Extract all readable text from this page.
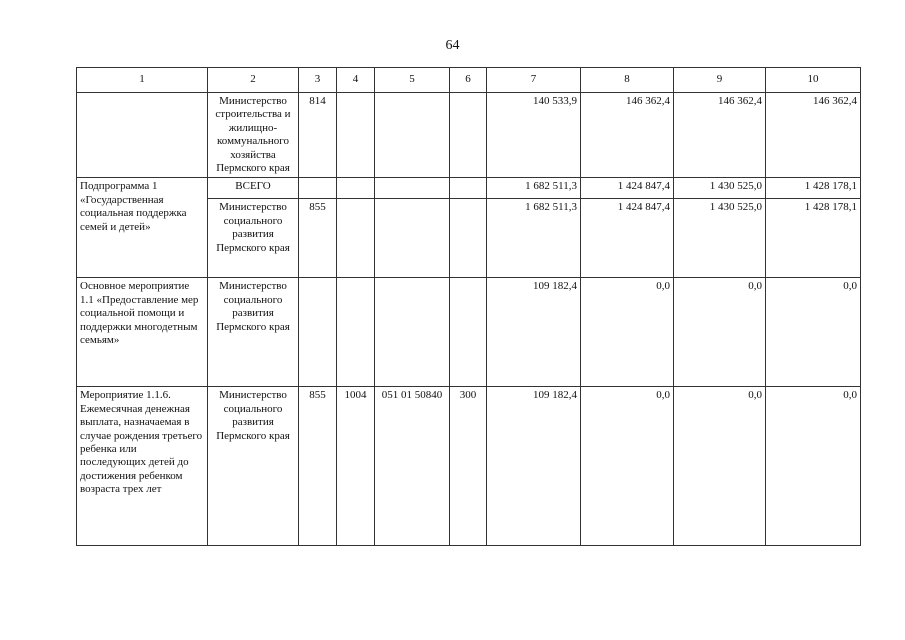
64
1	2	3	4	5	6	7	8	9	10
	Министерство строительства и жилищно-коммунального хозяйства Пермского края	814				140 533,9	146 362,4	146 362,4	146 362,4
Подпрограмма 1 «Государственная социальная поддержка семей и детей»	ВСЕГО					1 682 511,3	1 424 847,4	1 430 525,0	1 428 178,1
	Министерство социального развития Пермского края	855				1 682 511,3	1 424 847,4	1 430 525,0	1 428 178,1
Основное мероприятие 1.1 «Предоставление мер социальной помощи и поддержки многодетным семьям»	Министерство социального развития Пермского края					109 182,4	0,0	0,0	0,0
Мероприятие 1.1.6. Ежемесячная денежная выплата, назначаемая в случае рождения третьего ребенка или последующих детей до достижения ребенком возраста трех лет	Министерство социального развития Пермского края	855	1004	051 01 50840	300	109 182,4	0,0	0,0	0,0
